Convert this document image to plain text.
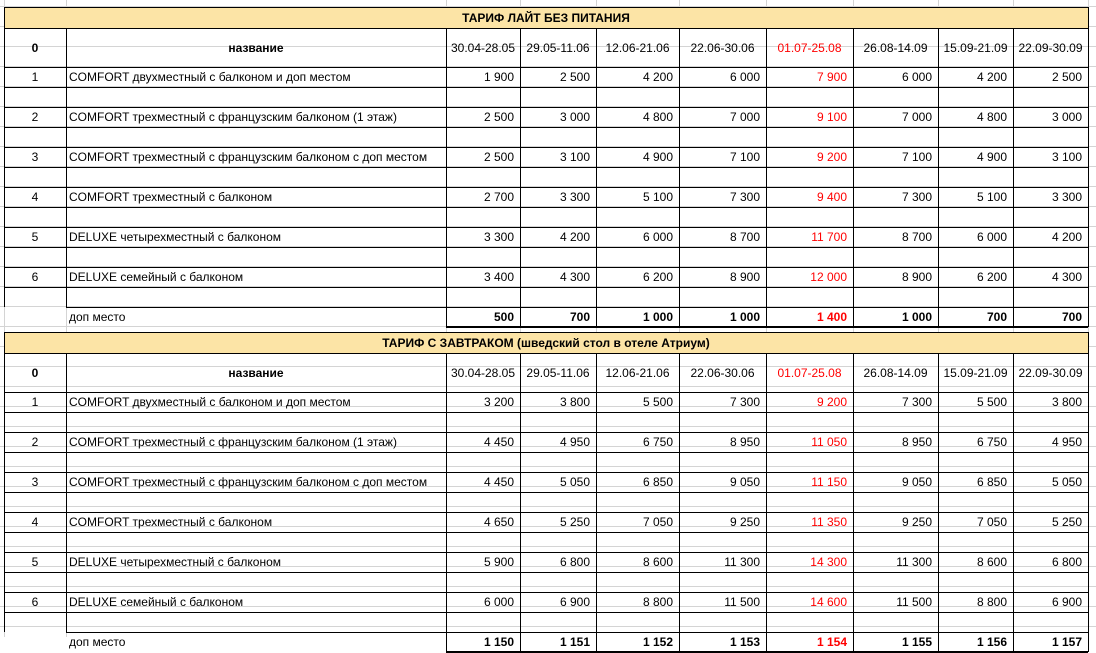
ТАРИФ ЛАЙТ БЕЗ ПИТАНИЯ
0	название	30.04-28.05 29.05-11.06	12.06-21.06	22.06-30.06	01.07-25.08	26.08-14.09	15.09-21.09 22.09-30.09
1	COMFORT двухместный с балконом и доп местом	1 900	2 500	4 200	6 000	7 900	6 000	4 200	2 500
2	COMFORT трехместный с французским балконом (1 этаж)	2 500	3 000	4 800	7 000	9 100	7 000	4 800	3 000
3	COMFORT трехместный с французским балконом с доп местом	2 500	3 100	4 900	7 100	9 200	7 100	4 900	3 100
4	COMFORT трехместный с балконом	2 700	3 300	5 100	7 300	9 400	7 300	5 100	3 300
5	DELUXE четырехместный с балконом	3 300	4 200	6 000	8 700	11 700	8 700	6 000	4 200
6	DELUXE семейный с балконом	3 400	4 300	6 200	8 900	12 000	8 900	6 200	4 300
доп место	500	700	1 000	1 000	1 400	1 000	700	700
ТАРИФ С ЗАВТРАКОМ (шведский стол в отеле Атриум)
0	название	30.04-28.05 29.05-11.06	12.06-21.06	22.06-30.06	01.07-25.08	26.08-14.09	15.09-21.09 22.09-30.09
1	COMFORT двухместный с балконом и доп местом	3 200	3 800	5 500	7 300	9 200	7 300	5 500	3 800
2	COMFORT трехместный с французским балконом (1 этаж)	4 450	4 950	6 750	8 950	11 050	8 950	6 750	4 950
3	COMFORT трехместный с французским балконом с доп местом	4 450	5 050	6 850	9 050	11 150	9 050	6 850	5 050
4	COMFORT трехместный с балконом	4 650	5 250	7 050	9 250	11 350	9 250	7 050	5 250
5	DELUXE четырехместный с балконом	5 900	6 800	8 600	11 300	14 300	11 300	8 600	6 800
6	DELUXE семейный с балконом	6 000	6 900	8 800	11 500	14 600	11 500	8 800	6 900
доп место	1 150	1 151	1 152	1 153	1 154	1 155	1 156	1 157
